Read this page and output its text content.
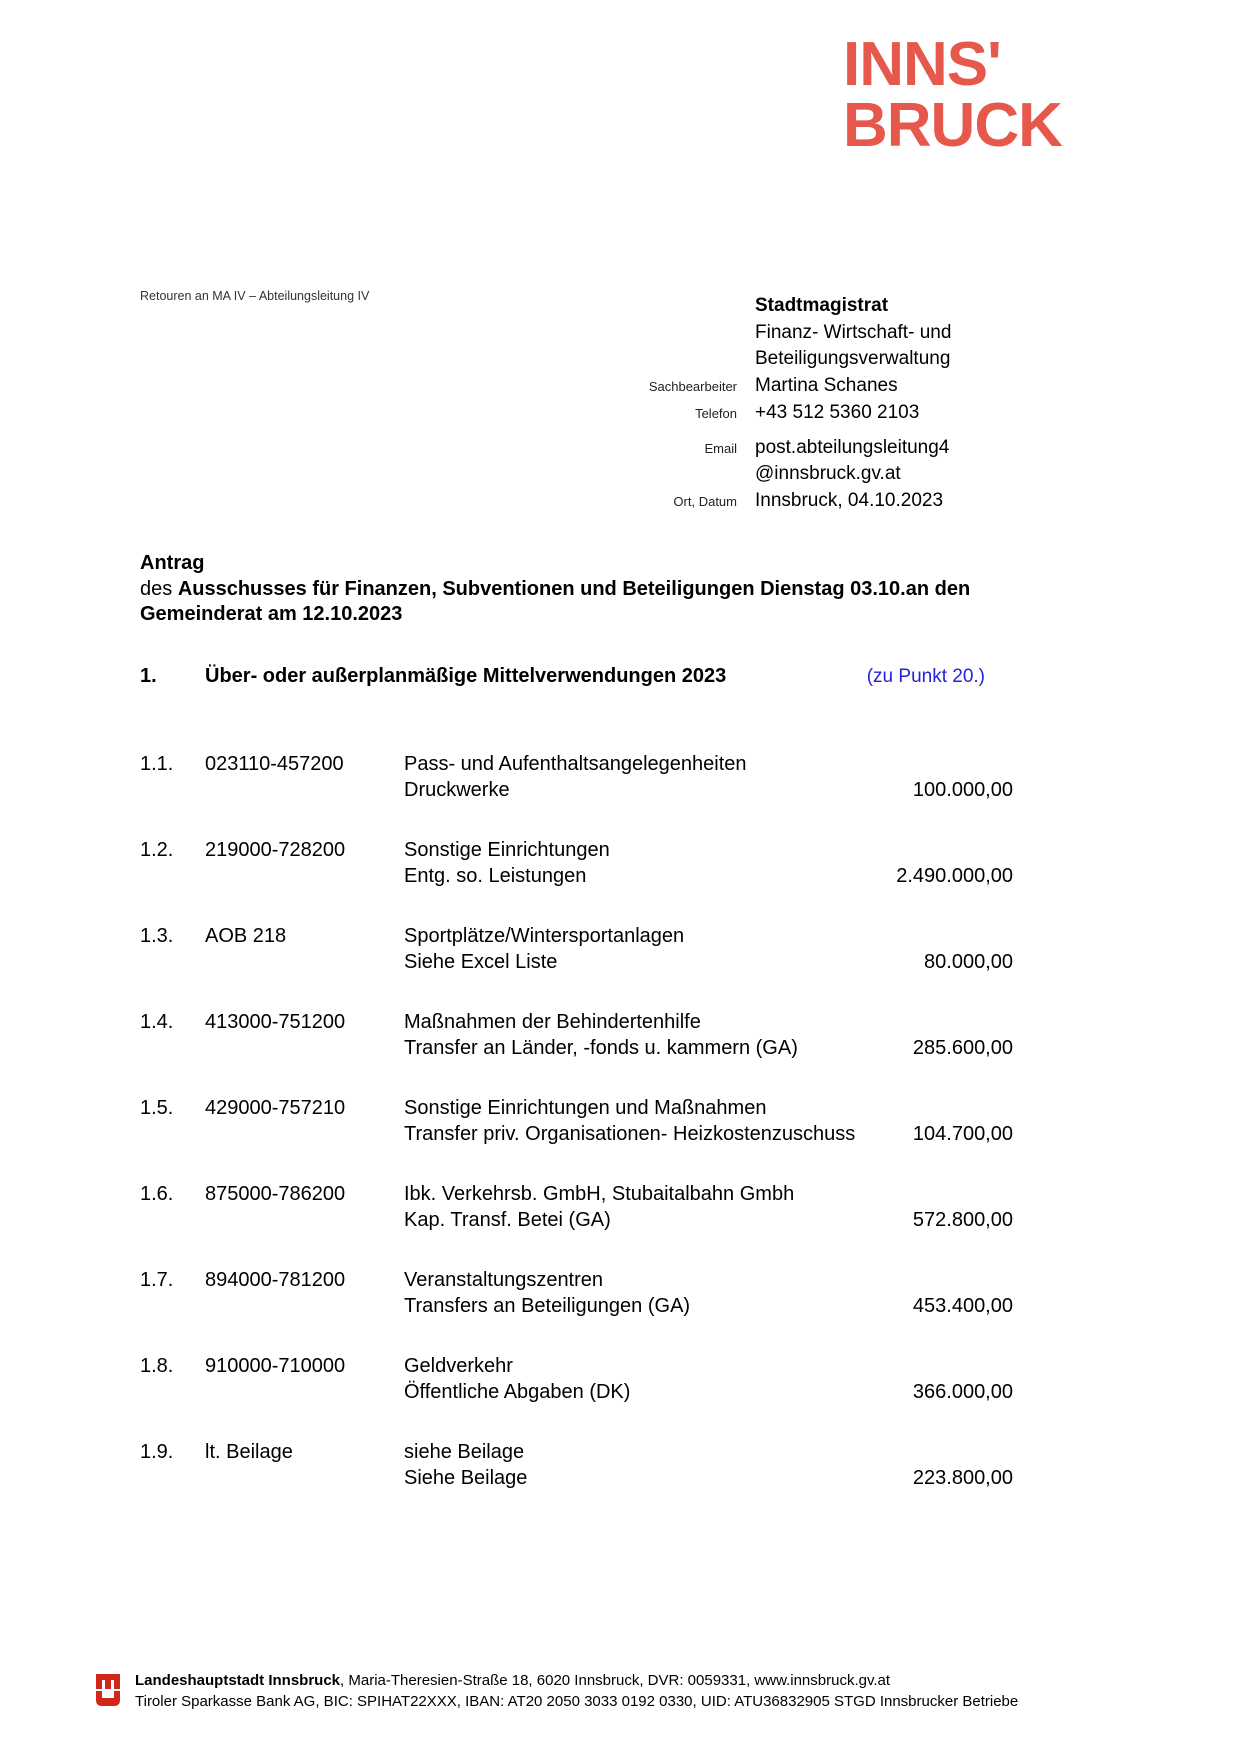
INNS'
BRUCK
Retouren an MA IV – Abteilungsleitung IV	Stadtmagistrat
Finanz- Wirtschaft- und
Beteiligungsverwaltung
Sachbearbeiter Martina Schanes
Telefon +43 512 5360 2103
Email post.abteilungsleitung4
@innsbruck.gv.at
Ort, Datum Innsbruck, 04.10.2023
Antrag
des Ausschusses für Finanzen, Subventionen und Beteiligungen Dienstag 03.10.an den
Gemeinderat am 12.10.2023
1.	Über- oder außerplanmäßige Mittelverwendungen 2023	(zu Punkt 20.)
1.1.	023110-457200	Pass- und Aufenthaltsangelegenheiten
Druckwerke	100.000,00
1.2.	219000-728200	Sonstige Einrichtungen
Entg. so. Leistungen	2.490.000,00
1.3.	AOB 218	Sportplätze/Wintersportanlagen
Siehe Excel Liste	80.000,00
1.4.	413000-751200	Maßnahmen der Behindertenhilfe
Transfer an Länder, -fonds u. kammern (GA)	285.600,00
1.5.	429000-757210	Sonstige Einrichtungen und Maßnahmen
Transfer priv. Organisationen- Heizkostenzuschuss	104.700,00
1.6.	875000-786200	Ibk. Verkehrsb. GmbH, Stubaitalbahn Gmbh
Kap. Transf. Betei (GA)	572.800,00
1.7.	894000-781200	Veranstaltungszentren
Transfers an Beteiligungen (GA)	453.400,00
1.8.	910000-710000	Geldverkehr
Öffentliche Abgaben (DK)	366.000,00
1.9.	lt. Beilage	siehe Beilage
Siehe Beilage	223.800,00
Landeshauptstadt Innsbruck, Maria-Theresien-Straße 18, 6020 Innsbruck, DVR: 0059331, www.innsbruck.gv.at
Tiroler Sparkasse Bank AG, BIC: SPIHAT22XXX, IBAN: AT20 2050 3033 0192 0330, UID: ATU36832905 STGD Innsbrucker Betriebe
